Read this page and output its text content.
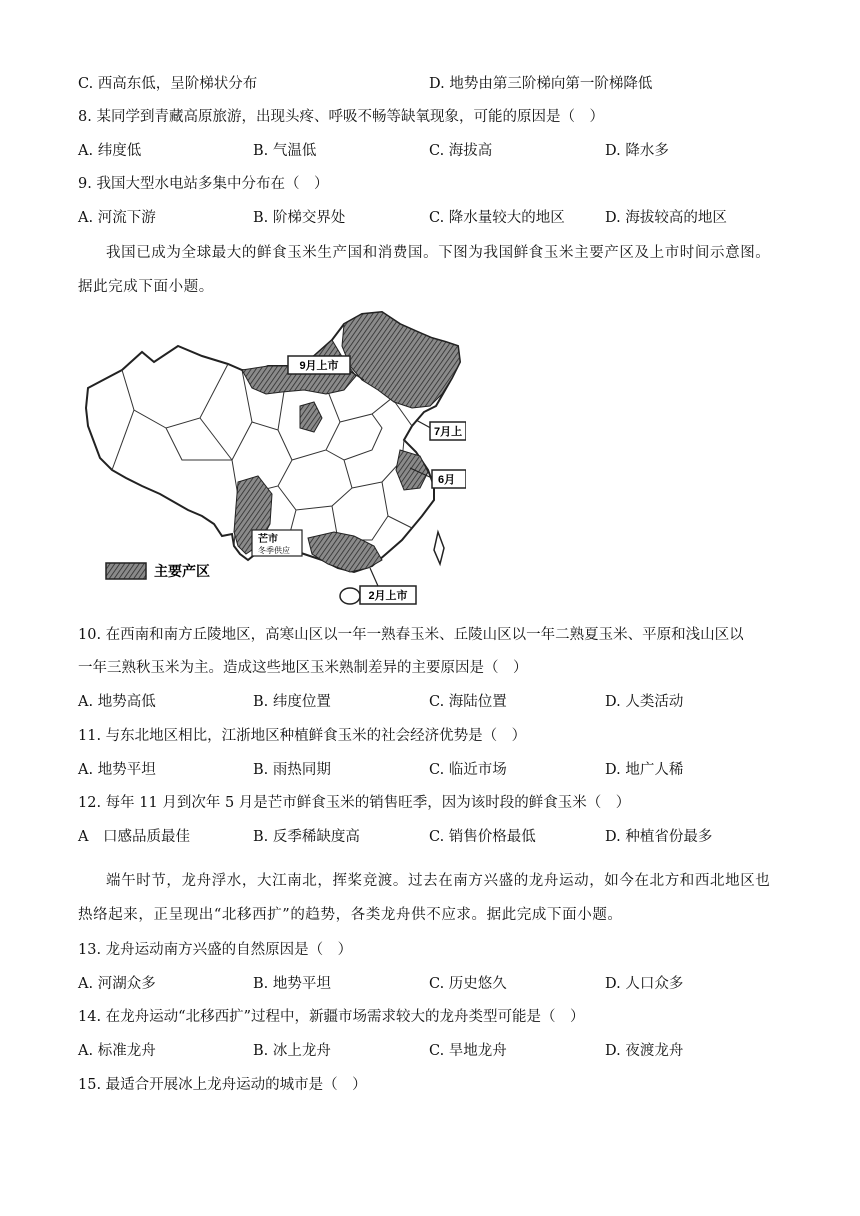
C. 西高东低，呈阶梯状分布	D. 地势由第三阶梯向第一阶梯降低
8. 某同学到青藏高原旅游，出现头疼、呼吸不畅等缺氧现象，可能的原因是（　）
A. 纬度低	B. 气温低	C. 海拔高	D. 降水多
9. 我国大型水电站多集中分布在（　）
A. 河流下游	B. 阶梯交界处	C. 降水量较大的地区	D. 海拔较高的地区
我国已成为全球最大的鲜食玉米生产国和消费国。下图为我国鲜食玉米主要产区及上市时间示意图。
据此完成下面小题。
9月上市
7月上
6月
2月上市
芒市
冬季供应
主要产区
10. 在西南和南方丘陵地区，高寒山区以一年一熟春玉米、丘陵山区以一年二熟夏玉米、平原和浅山区以
一年三熟秋玉米为主。造成这些地区玉米熟制差异的主要原因是（　）
A. 地势高低	B. 纬度位置	C. 海陆位置	D. 人类活动
11. 与东北地区相比，江浙地区种植鲜食玉米的社会经济优势是（　）
A. 地势平坦	B. 雨热同期	C. 临近市场	D. 地广人稀
12. 每年 11 月到次年 5 月是芒市鲜食玉米的销售旺季，因为该时段的鲜食玉米（　）
A　口感品质最佳	B. 反季稀缺度高	C. 销售价格最低	D. 种植省份最多
端午时节，龙舟浮水，大江南北，挥桨竞渡。过去在南方兴盛的龙舟运动，如今在北方和西北地区也
热络起来，正呈现出“北移西扩”的趋势，各类龙舟供不应求。据此完成下面小题。
13. 龙舟运动南方兴盛的自然原因是（　）
A. 河湖众多	B. 地势平坦	C. 历史悠久	D. 人口众多
14. 在龙舟运动“北移西扩”过程中，新疆市场需求较大的龙舟类型可能是（　）
A. 标准龙舟	B. 冰上龙舟	C. 旱地龙舟	D. 夜渡龙舟
15. 最适合开展冰上龙舟运动的城市是（　）
